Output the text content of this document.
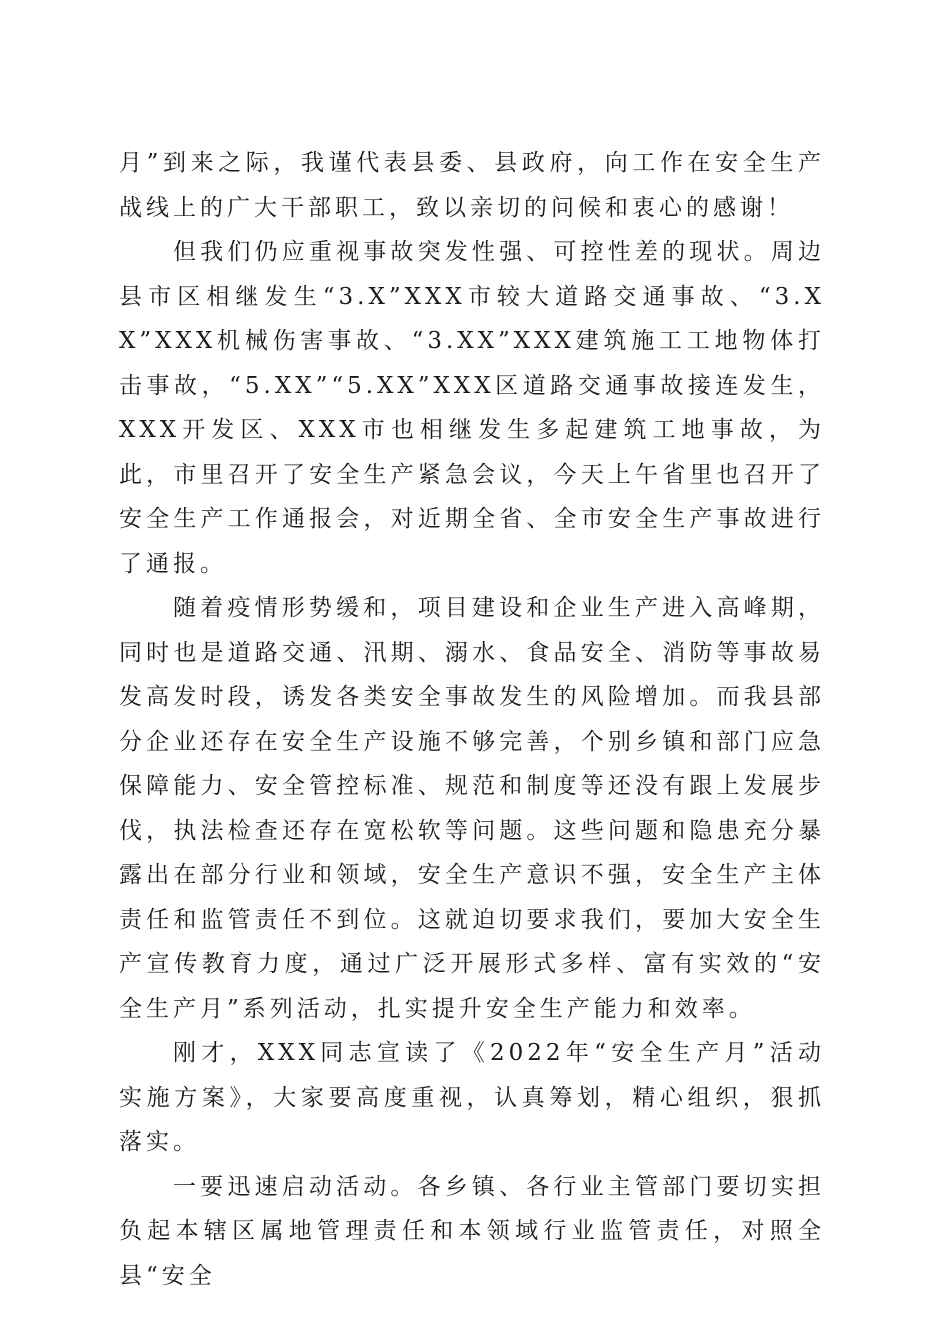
月”到来之际，我谨代表县委、县政府，向工作在安全生产战线上的广大干部职工，致以亲切的问候和衷心的感谢！

但我们仍应重视事故突发性强、可控性差的现状。周边县市区相继发生“3.X”XXX市较大道路交通事故、“3.XX”XXX机械伤害事故、“3.XX”XXX建筑施工工地物体打击事故，“5.XX”“5.XX”XXX区道路交通事故接连发生，XXX开发区、XXX市也相继发生多起建筑工地事故，为此，市里召开了安全生产紧急会议，今天上午省里也召开了安全生产工作通报会，对近期全省、全市安全生产事故进行了通报。

随着疫情形势缓和，项目建设和企业生产进入高峰期，同时也是道路交通、汛期、溺水、食品安全、消防等事故易发高发时段，诱发各类安全事故发生的风险增加。而我县部分企业还存在安全生产设施不够完善，个别乡镇和部门应急保障能力、安全管控标准、规范和制度等还没有跟上发展步伐，执法检查还存在宽松软等问题。这些问题和隐患充分暴露出在部分行业和领域，安全生产意识不强，安全生产主体责任和监管责任不到位。这就迫切要求我们，要加大安全生产宣传教育力度，通过广泛开展形式多样、富有实效的“安全生产月”系列活动，扎实提升安全生产能力和效率。

刚才，XXX同志宣读了《2022年“安全生产月”活动实施方案》，大家要高度重视，认真筹划，精心组织，狠抓落实。

一要迅速启动活动。各乡镇、各行业主管部门要切实担负起本辖区属地管理责任和本领域行业监管责任，对照全县“安全
